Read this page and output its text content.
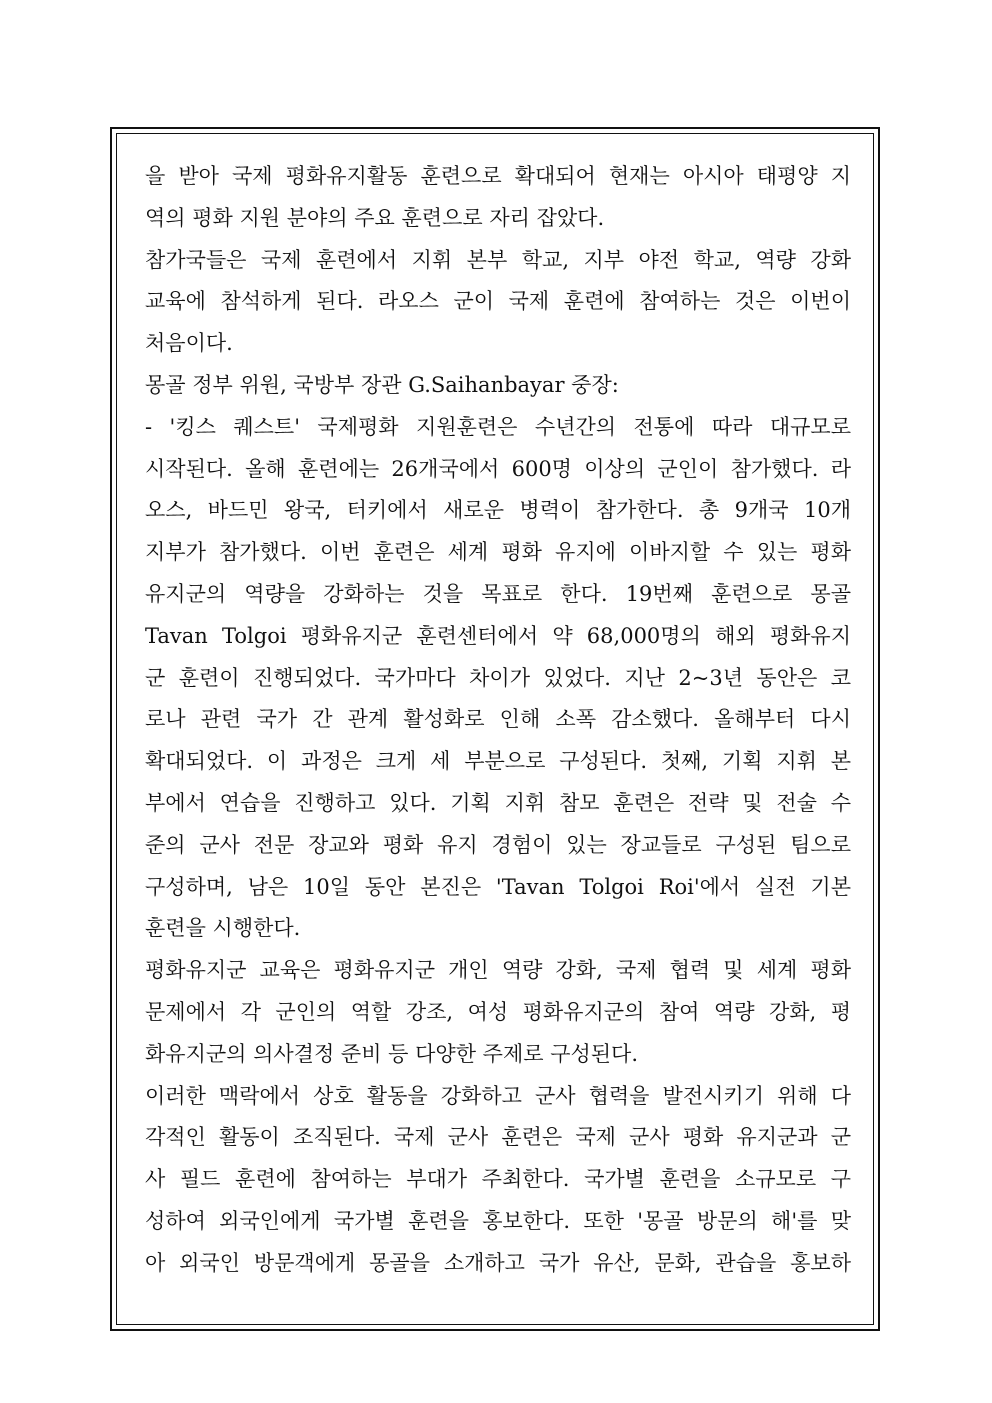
을 받아 국제 평화유지활동 훈련으로 확대되어 현재는 아시아 태평양 지
역의 평화 지원 분야의 주요 훈련으로 자리 잡았다.
참가국들은 국제 훈련에서 지휘 본부 학교, 지부 야전 학교, 역량 강화
교육에 참석하게 된다. 라오스 군이 국제 훈련에 참여하는 것은 이번이
처음이다.
몽골 정부 위원, 국방부 장관 G.Saihanbayar 중장:
- '킹스 퀘스트' 국제평화 지원훈련은 수년간의 전통에 따라 대규모로
시작된다. 올해 훈련에는 26개국에서 600명 이상의 군인이 참가했다. 라
오스, 바드민 왕국, 터키에서 새로운 병력이 참가한다. 총 9개국 10개
지부가 참가했다. 이번 훈련은 세계 평화 유지에 이바지할 수 있는 평화
유지군의 역량을 강화하는 것을 목표로 한다. 19번째 훈련으로 몽골
Tavan Tolgoi 평화유지군 훈련센터에서 약 68,000명의 해외 평화유지
군 훈련이 진행되었다. 국가마다 차이가 있었다. 지난 2~3년 동안은 코
로나 관련 국가 간 관계 활성화로 인해 소폭 감소했다. 올해부터 다시
확대되었다. 이 과정은 크게 세 부분으로 구성된다. 첫째, 기획 지휘 본
부에서 연습을 진행하고 있다. 기획 지휘 참모 훈련은 전략 및 전술 수
준의 군사 전문 장교와 평화 유지 경험이 있는 장교들로 구성된 팀으로
구성하며, 남은 10일 동안 본진은 'Tavan Tolgoi Roi'에서 실전 기본
훈련을 시행한다.
평화유지군 교육은 평화유지군 개인 역량 강화, 국제 협력 및 세계 평화
문제에서 각 군인의 역할 강조, 여성 평화유지군의 참여 역량 강화, 평
화유지군의 의사결정 준비 등 다양한 주제로 구성된다.
이러한 맥락에서 상호 활동을 강화하고 군사 협력을 발전시키기 위해 다
각적인 활동이 조직된다. 국제 군사 훈련은 국제 군사 평화 유지군과 군
사 필드 훈련에 참여하는 부대가 주최한다. 국가별 훈련을 소규모로 구
성하여 외국인에게 국가별 훈련을 홍보한다. 또한 '몽골 방문의 해'를 맞
아 외국인 방문객에게 몽골을 소개하고 국가 유산, 문화, 관습을 홍보하
